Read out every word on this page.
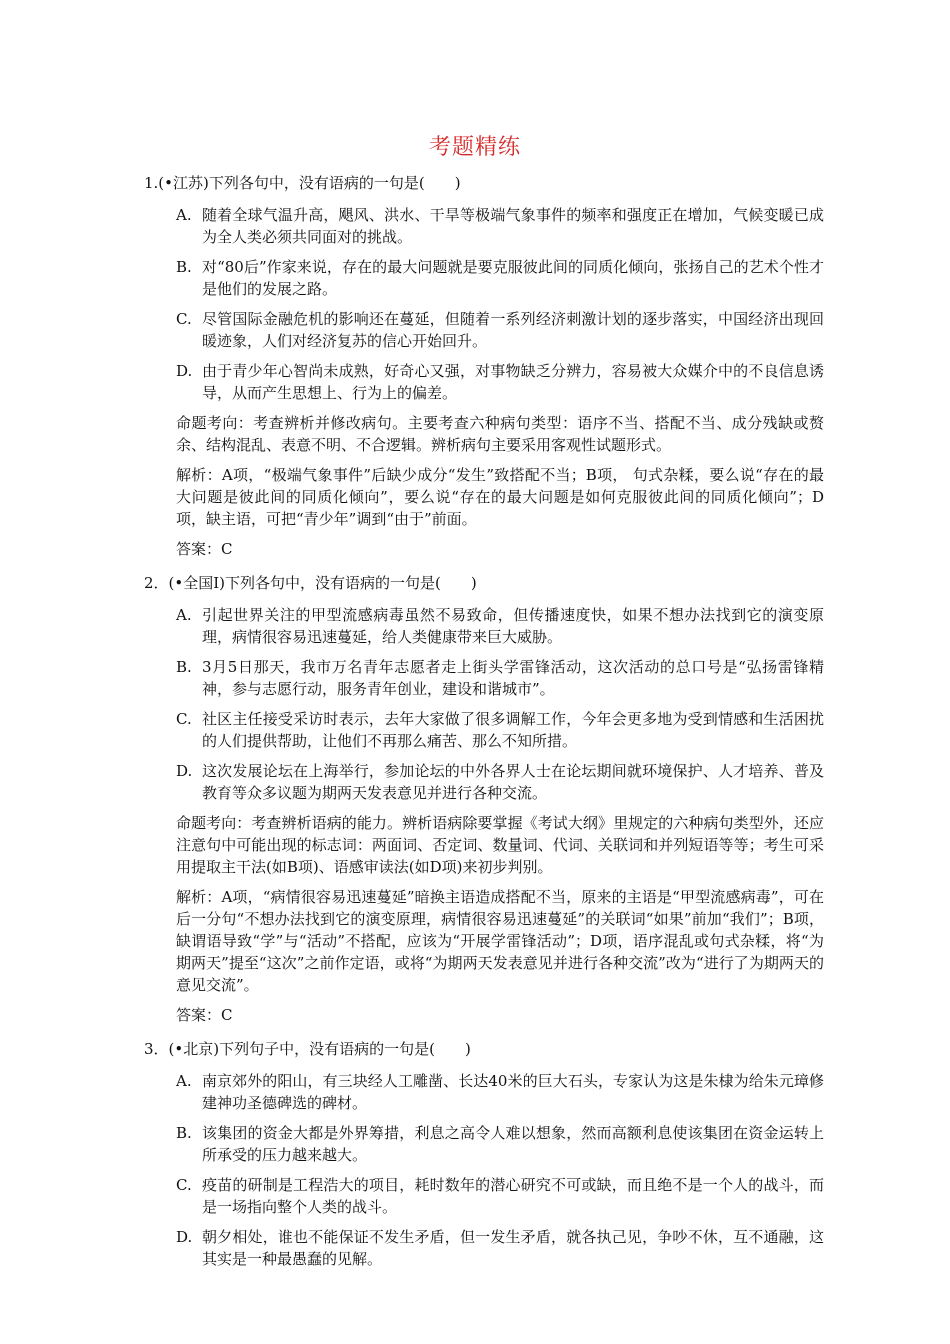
考题精练

1.(•江苏)下列各句中，没有语病的一句是(　　)

A. 随着全球气温升高，飓风、洪水、干旱等极端气象事件的频率和强度正在增加，气候变暖已成为全人类必须共同面对的挑战。
B. 对“80后”作家来说，存在的最大问题就是要克服彼此间的同质化倾向，张扬自己的艺术个性才是他们的发展之路。
C. 尽管国际金融危机的影响还在蔓延，但随着一系列经济刺激计划的逐步落实，中国经济出现回暖迹象，人们对经济复苏的信心开始回升。
D. 由于青少年心智尚未成熟，好奇心又强，对事物缺乏分辨力，容易被大众媒介中的不良信息诱导，从而产生思想上、行为上的偏差。

命题考向：考查辨析并修改病句。主要考查六种病句类型：语序不当、搭配不当、成分残缺或赘余、结构混乱、表意不明、不合逻辑。辨析病句主要采用客观性试题形式。

解析：A项，“极端气象事件”后缺少成分“发生”致搭配不当；B项， 句式杂糅，要么说“存在的最大问题是彼此间的同质化倾向”，要么说“存在的最大问题是如何克服彼此间的同质化倾向”；D项，缺主语，可把“青少年”调到“由于”前面。

答案：C

2．(•全国Ⅰ)下列各句中，没有语病的一句是(　　)

A. 引起世界关注的甲型流感病毒虽然不易致命，但传播速度快，如果不想办法找到它的演变原理，病情很容易迅速蔓延，给人类健康带来巨大威胁。
B. 3月5日那天，我市万名青年志愿者走上街头学雷锋活动，这次活动的总口号是“弘扬雷锋精神，参与志愿行动，服务青年创业，建设和谐城市”。
C. 社区主任接受采访时表示，去年大家做了很多调解工作，今年会更多地为受到情感和生活困扰的人们提供帮助，让他们不再那么痛苦、那么不知所措。
D. 这次发展论坛在上海举行，参加论坛的中外各界人士在论坛期间就环境保护、人才培养、普及教育等众多议题为期两天发表意见并进行各种交流。

命题考向：考查辨析语病的能力。辨析语病除要掌握《考试大纲》里规定的六种病句类型外，还应注意句中可能出现的标志词：两面词、否定词、数量词、代词、关联词和并列短语等等；考生可采用提取主干法(如B项)、语感审读法(如D项)来初步判别。

解析：A项，“病情很容易迅速蔓延”暗换主语造成搭配不当，原来的主语是“甲型流感病毒”，可在后一分句“不想办法找到它的演变原理，病情很容易迅速蔓延”的关联词“如果”前加“我们”；B项，缺谓语导致“学”与“活动”不搭配，应该为“开展学雷锋活动”；D项，语序混乱或句式杂糅，将“为期两天”提至“这次”之前作定语，或将“为期两天发表意见并进行各种交流”改为“进行了为期两天的意见交流”。

答案：C

3．(•北京)下列句子中，没有语病的一句是(　　)

A. 南京郊外的阳山，有三块经人工雕凿、长达40米的巨大石头，专家认为这是朱棣为给朱元璋修建神功圣德碑选的碑材。
B. 该集团的资金大都是外界筹措，利息之高令人难以想象，然而高额利息使该集团在资金运转上所承受的压力越来越大。
C. 疫苗的研制是工程浩大的项目，耗时数年的潜心研究不可或缺，而且绝不是一个人的战斗，而是一场指向整个人类的战斗。
D. 朝夕相处，谁也不能保证不发生矛盾，但一发生矛盾，就各执己见，争吵不休，互不通融，这其实是一种最愚蠢的见解。
